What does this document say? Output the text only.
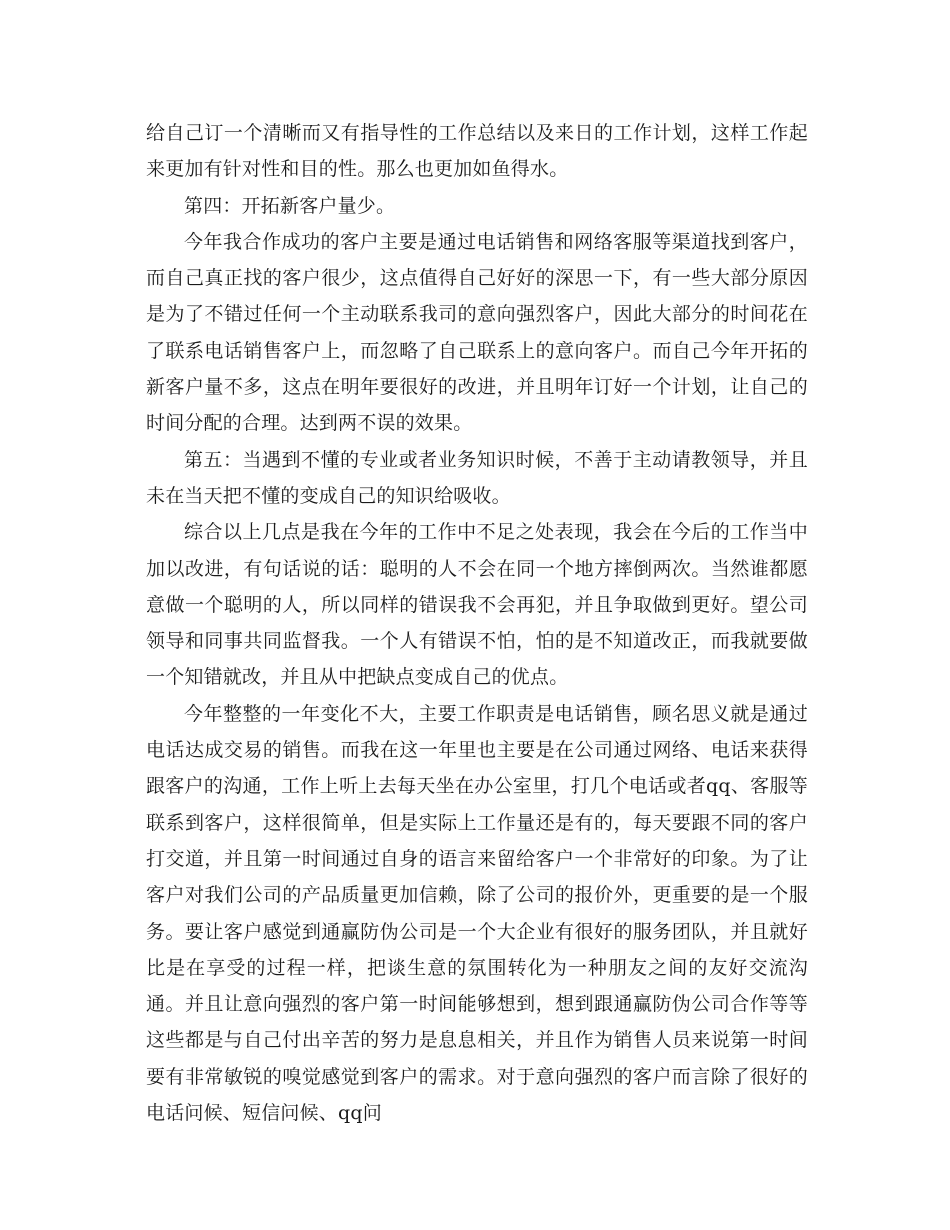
给自己订一个清晰而又有指导性的工作总结以及来日的工作计划，这样工作起来更加有针对性和目的性。那么也更加如鱼得水。

第四：开拓新客户量少。

今年我合作成功的客户主要是通过电话销售和网络客服等渠道找到客户，而自己真正找的客户很少，这点值得自己好好的深思一下，有一些大部分原因是为了不错过任何一个主动联系我司的意向强烈客户，因此大部分的时间花在了联系电话销售客户上，而忽略了自己联系上的意向客户。而自己今年开拓的新客户量不多，这点在明年要很好的改进，并且明年订好一个计划，让自己的时间分配的合理。达到两不误的效果。

第五：当遇到不懂的专业或者业务知识时候，不善于主动请教领导，并且未在当天把不懂的变成自己的知识给吸收。

综合以上几点是我在今年的工作中不足之处表现，我会在今后的工作当中加以改进，有句话说的话：聪明的人不会在同一个地方摔倒两次。当然谁都愿意做一个聪明的人，所以同样的错误我不会再犯，并且争取做到更好。望公司领导和同事共同监督我。一个人有错误不怕，怕的是不知道改正，而我就要做一个知错就改，并且从中把缺点变成自己的优点。

今年整整的一年变化不大，主要工作职责是电话销售，顾名思义就是通过电话达成交易的销售。而我在这一年里也主要是在公司通过网络、电话来获得跟客户的沟通，工作上听上去每天坐在办公室里，打几个电话或者qq、客服等联系到客户，这样很简单，但是实际上工作量还是有的，每天要跟不同的客户打交道，并且第一时间通过自身的语言来留给客户一个非常好的印象。为了让客户对我们公司的产品质量更加信赖，除了公司的报价外，更重要的是一个服务。要让客户感觉到通赢防伪公司是一个大企业有很好的服务团队，并且就好比是在享受的过程一样，把谈生意的氛围转化为一种朋友之间的友好交流沟通。并且让意向强烈的客户第一时间能够想到，想到跟通赢防伪公司合作等等这些都是与自己付出辛苦的努力是息息相关，并且作为销售人员来说第一时间要有非常敏锐的嗅觉感觉到客户的需求。对于意向强烈的客户而言除了很好的电话问候、短信问候、qq问
